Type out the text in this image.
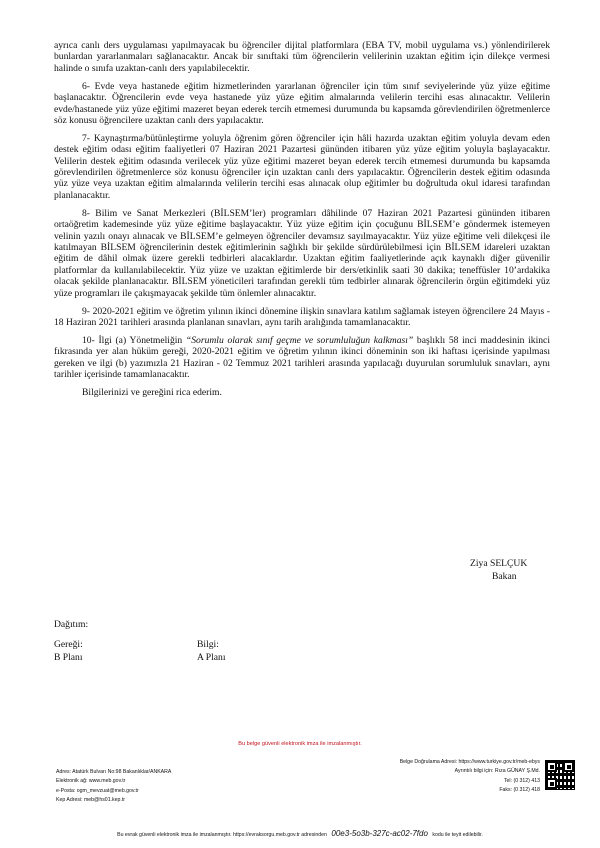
ayrıca canlı ders uygulaması yapılmayacak bu öğrenciler dijital platformlara (EBA TV, mobil uygulama vs.) yönlendirilerek bunlardan yararlanmaları sağlanacaktır. Ancak bir sınıftaki tüm öğrencilerin velilerinin uzaktan eğitim için dilekçe vermesi halinde o sınıfa uzaktan-canlı ders yapılabilecektir.

6- Evde veya hastanede eğitim hizmetlerinden yararlanan öğrenciler için tüm sınıf seviyelerinde yüz yüze eğitime başlanacaktır. Öğrencilerin evde veya hastanede yüz yüze eğitim almalarında velilerin tercihi esas alınacaktır. Velilerin evde/hastanede yüz yüze eğitimi mazeret beyan ederek tercih etmemesi durumunda bu kapsamda görevlendirilen öğretmenlerce söz konusu öğrencilere uzaktan canlı ders yapılacaktır.

7- Kaynaştırma/bütünleştirme yoluyla öğrenim gören öğrenciler için hâli hazırda uzaktan eğitim yoluyla devam eden destek eğitim odası eğitim faaliyetleri 07 Haziran 2021 Pazartesi gününden itibaren yüz yüze eğitim yoluyla başlayacaktır. Velilerin destek eğitim odasında verilecek yüz yüze eğitimi mazeret beyan ederek tercih etmemesi durumunda bu kapsamda görevlendirilen öğretmenlerce söz konusu öğrenciler için uzaktan canlı ders yapılacaktır. Öğrencilerin destek eğitim odasında yüz yüze veya uzaktan eğitim almalarında velilerin tercihi esas alınacak olup eğitimler bu doğrultuda okul idaresi tarafından planlanacaktır.

8- Bilim ve Sanat Merkezleri (BİLSEM’ler) programları dâhilinde 07 Haziran 2021 Pazartesi gününden itibaren ortaöğretim kademesinde yüz yüze eğitime başlayacaktır. Yüz yüze eğitim için çocuğunu BİLSEM’e göndermek istemeyen velinin yazılı onayı alınacak ve BİLSEM’e gelmeyen öğrenciler devamsız sayılmayacaktır. Yüz yüze eğitime veli dilekçesi ile katılmayan BİLSEM öğrencilerinin destek eğitimlerinin sağlıklı bir şekilde sürdürülebilmesi için BİLSEM idareleri uzaktan eğitim de dâhil olmak üzere gerekli tedbirleri alacaklardır. Uzaktan eğitim faaliyetlerinde açık kaynaklı diğer güvenilir platformlar da kullanılabilecektir. Yüz yüze ve uzaktan eğitimlerde bir ders/etkinlik saati 30 dakika; teneffüsler 10’ardakika olacak şekilde planlanacaktır. BİLSEM yöneticileri tarafından gerekli tüm tedbirler alınarak öğrencilerin örgün eğitimdeki yüz yüze programları ile çakışmayacak şekilde tüm önlemler alınacaktır.

9- 2020-2021 eğitim ve öğretim yılının ikinci dönemine ilişkin sınavlara katılım sağlamak isteyen öğrencilere 24 Mayıs - 18 Haziran 2021 tarihleri arasında planlanan sınavları, aynı tarih aralığında tamamlanacaktır.

10- İlgi (a) Yönetmeliğin “Sorumlu olarak sınıf geçme ve sorumluluğun kalkması” başlıklı 58 inci maddesinin ikinci fıkrasında yer alan hüküm gereği, 2020-2021 eğitim ve öğretim yılının ikinci döneminin son iki haftası içerisinde yapılması gereken ve ilgi (b) yazımızla 21 Haziran - 02 Temmuz 2021 tarihleri arasında yapılacağı duyurulan sorumluluk sınavları, aynı tarihler içerisinde tamamlanacaktır.

Bilgilerinizi ve gereğini rica ederim.

Ziya SELÇUK
Bakan
Dağıtım:
Gereği:	Bilgi:
B Planı	A Planı
Bu belge güvenli elektronik imza ile imzalanmıştır.
Adres: Atatürk Bulvarı No:98 Bakanlıklar/ANKARA
Elektronik ağ: www.meb.gov.tr
e-Posta: ogm_mevzuat@meb.gov.tr
Kep Adresi: meb@hs01.kep.tr
Belge Doğrulama Adresi: https://www.turkiye.gov.tr/meb-ebys
Ayrıntılı bilgi için: Rıza GÜNAY Ş.Md.
Tel: (0 312) 413
Faks: (0 312) 418
Bu evrak güvenli elektronik imza ile imzalanmıştır. https://evraksorgu.meb.gov.tr adresinden 00e3-5o3b-327c-ac02-7fdo kodu ile teyit edilebilir.
